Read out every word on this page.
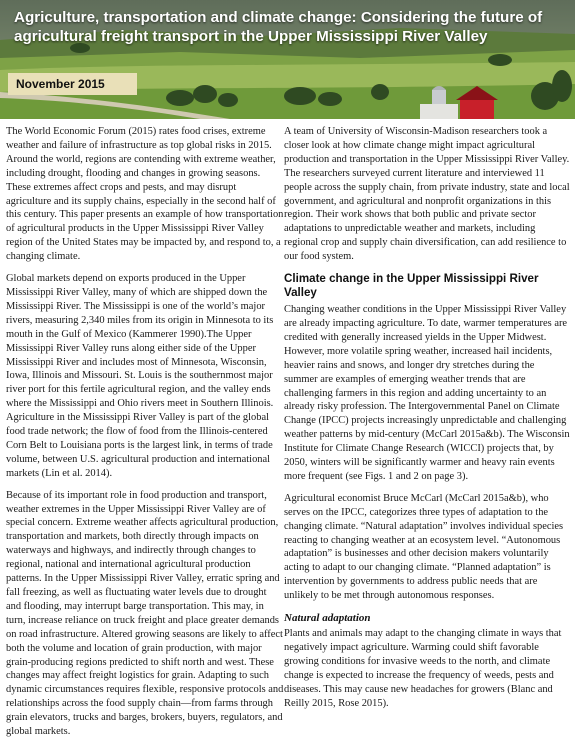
Agriculture, transportation and climate change: Considering the future of agricultural freight transport in the Upper Mississippi River Valley
November 2015

The World Economic Forum (2015) rates food crises, extreme weather and failure of infrastructure as top global risks in 2015. Around the world, regions are contending with extreme weather, including drought, flooding and changes in growing seasons. These extremes affect crops and pests, and may disrupt agriculture and its supply chains, especially in the second half of this century. This paper presents an example of how transportation of agricultural products in the Upper Mississippi River Valley region of the United States may be impacted by, and respond to, a changing climate.

Global markets depend on exports produced in the Upper Mississippi River Valley, many of which are shipped down the Mississippi River. The Mississippi is one of the world’s major rivers, measuring 2,340 miles from its origin in Minnesota to its mouth in the Gulf of Mexico (Kammerer 1990).The Upper Mississippi River Valley runs along either side of the Upper Mississippi River and includes most of Minnesota, Wisconsin, Iowa, Illinois and Missouri. St. Louis is the southernmost major river port for this fertile agricultural region, and the valley ends where the Mississippi and Ohio rivers meet in Southern Illinois. Agriculture in the Mississippi River Valley is part of the global food trade network; the flow of food from the Illinois-centered Corn Belt to Louisiana ports is the largest link, in terms of trade volume, between U.S. agricultural production and international markets (Lin et al. 2014).

Because of its important role in food production and transport, weather extremes in the Upper Mississippi River Valley are of special concern. Extreme weather affects agricultural production, transportation and markets, both directly through impacts on waterways and highways, and indirectly through changes to regional, national and international agricultural production patterns. In the Upper Mississippi River Valley, erratic spring and fall freezing, as well as fluctuating water levels due to drought and flooding, may interrupt barge transportation. This may, in turn, increase reliance on truck freight and place greater demands on road infrastructure. Altered growing seasons are likely to affect both the volume and location of grain production, with major grain-producing regions predicted to shift north and west. These changes may affect freight logistics for grain. Adapting to such dynamic circumstances requires flexible, responsive protocols and relationships across the food supply chain—from farms through grain elevators, trucks and barges, brokers, buyers, regulators, and global markets.

A team of University of Wisconsin-Madison researchers took a closer look at how climate change might impact agricultural production and transportation in the Upper Mississippi River Valley. The researchers surveyed current literature and interviewed 11 people across the supply chain, from private industry, state and local government, and agricultural and nonprofit organizations in this region. Their work shows that both public and private sector adaptations to unpredictable weather and markets, including regional crop and supply chain diversification, can add resilience to our food system.

Climate change in the Upper Mississippi River Valley

Changing weather conditions in the Upper Mississippi River Valley are already impacting agriculture. To date, warmer temperatures are credited with generally increased yields in the Upper Midwest. However, more volatile spring weather, increased hail incidents, heavier rains and snows, and longer dry stretches during the summer are examples of emerging weather trends that are challenging farmers in this region and adding uncertainty to an already risky profession. The Intergovernmental Panel on Climate Change (IPCC) projects increasingly unpredictable and challenging weather patterns by mid-century (McCarl 2015a&b). The Wisconsin Institute for Climate Change Research (WICCI) projects that, by 2050, winters will be significantly warmer and heavy rain events more frequent (see Figs. 1 and 2 on page 3).

Agricultural economist Bruce McCarl (McCarl 2015a&b), who serves on the IPCC, categorizes three types of adaptation to the changing climate. “Natural adaptation” involves individual species reacting to changing weather at an ecosystem level. “Autonomous adaptation” is businesses and other decision makers voluntarily acting to adapt to our changing climate. “Planned adaptation” is intervention by governments to address public needs that are unlikely to be met through autonomous responses.

Natural adaptation

Plants and animals may adapt to the changing climate in ways that negatively impact agriculture. Warming could shift favorable growing conditions for invasive weeds to the north, and climate change is expected to increase the frequency of weeds, pests and diseases. This may cause new headaches for growers (Blanc and Reilly 2015, Rose 2015).
